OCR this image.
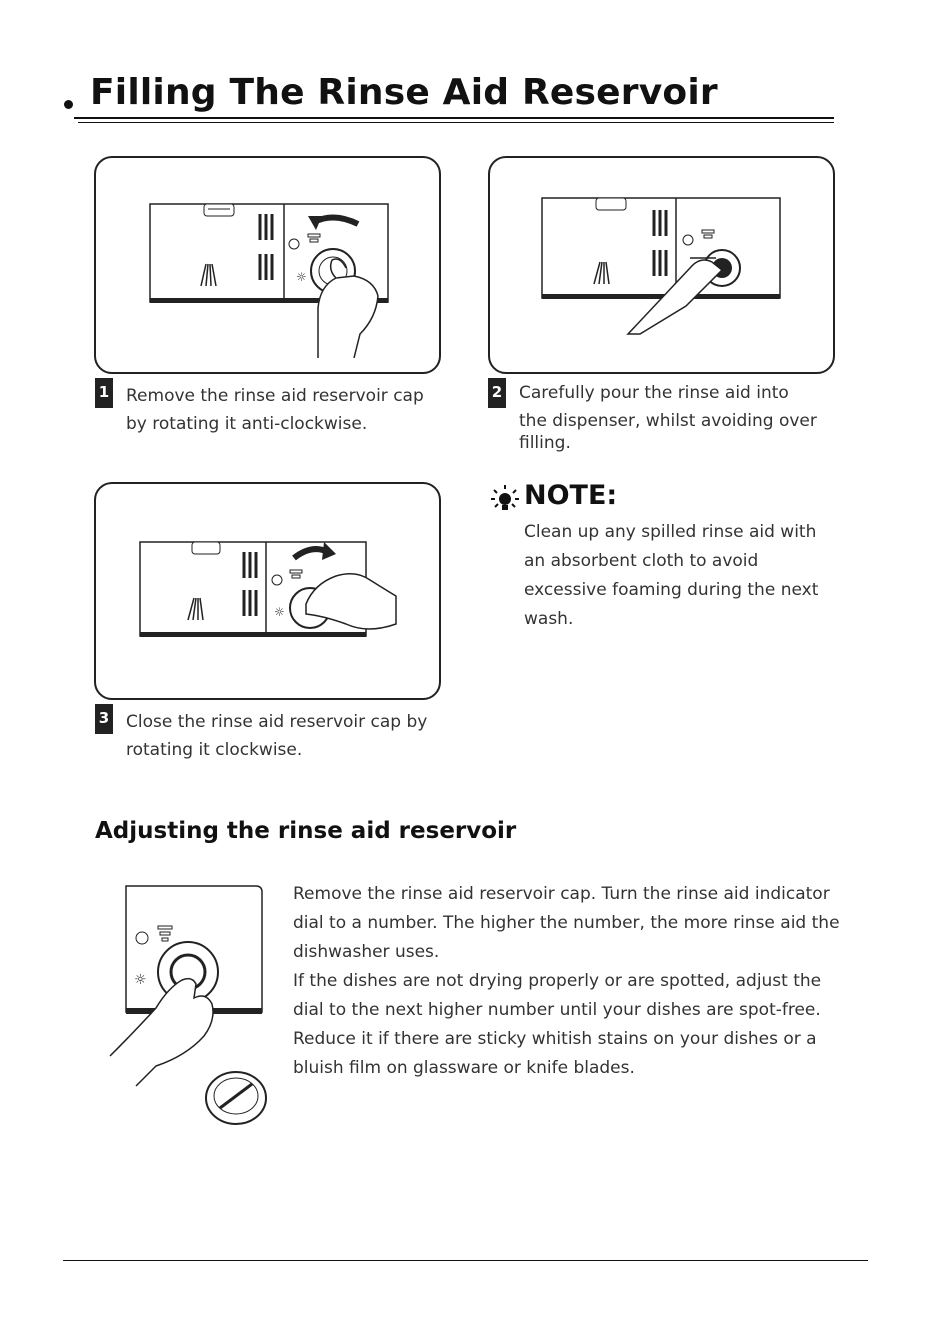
Filling The Rinse Aid Reservoir
☼
1 Remove the rinse aid reservoir cap
by rotating it anti-clockwise.
2 Carefully pour the rinse aid into
the dispenser, whilst avoiding over
filling.
☼
3 Close the rinse aid reservoir cap by
rotating it clockwise.
NOTE:
Clean up any spilled rinse aid with
an absorbent cloth to avoid
excessive foaming during the next
wash.
Adjusting the rinse aid reservoir
☼
Remove the rinse aid reservoir cap. Turn the rinse aid indicator
dial to a number. The higher the number, the more rinse aid the
dishwasher uses.
If the dishes are not drying properly or are spotted, adjust the
dial to the next higher number until your dishes are spot-free.
Reduce it if there are sticky whitish stains on your dishes or a
bluish film on glassware or knife blades.
